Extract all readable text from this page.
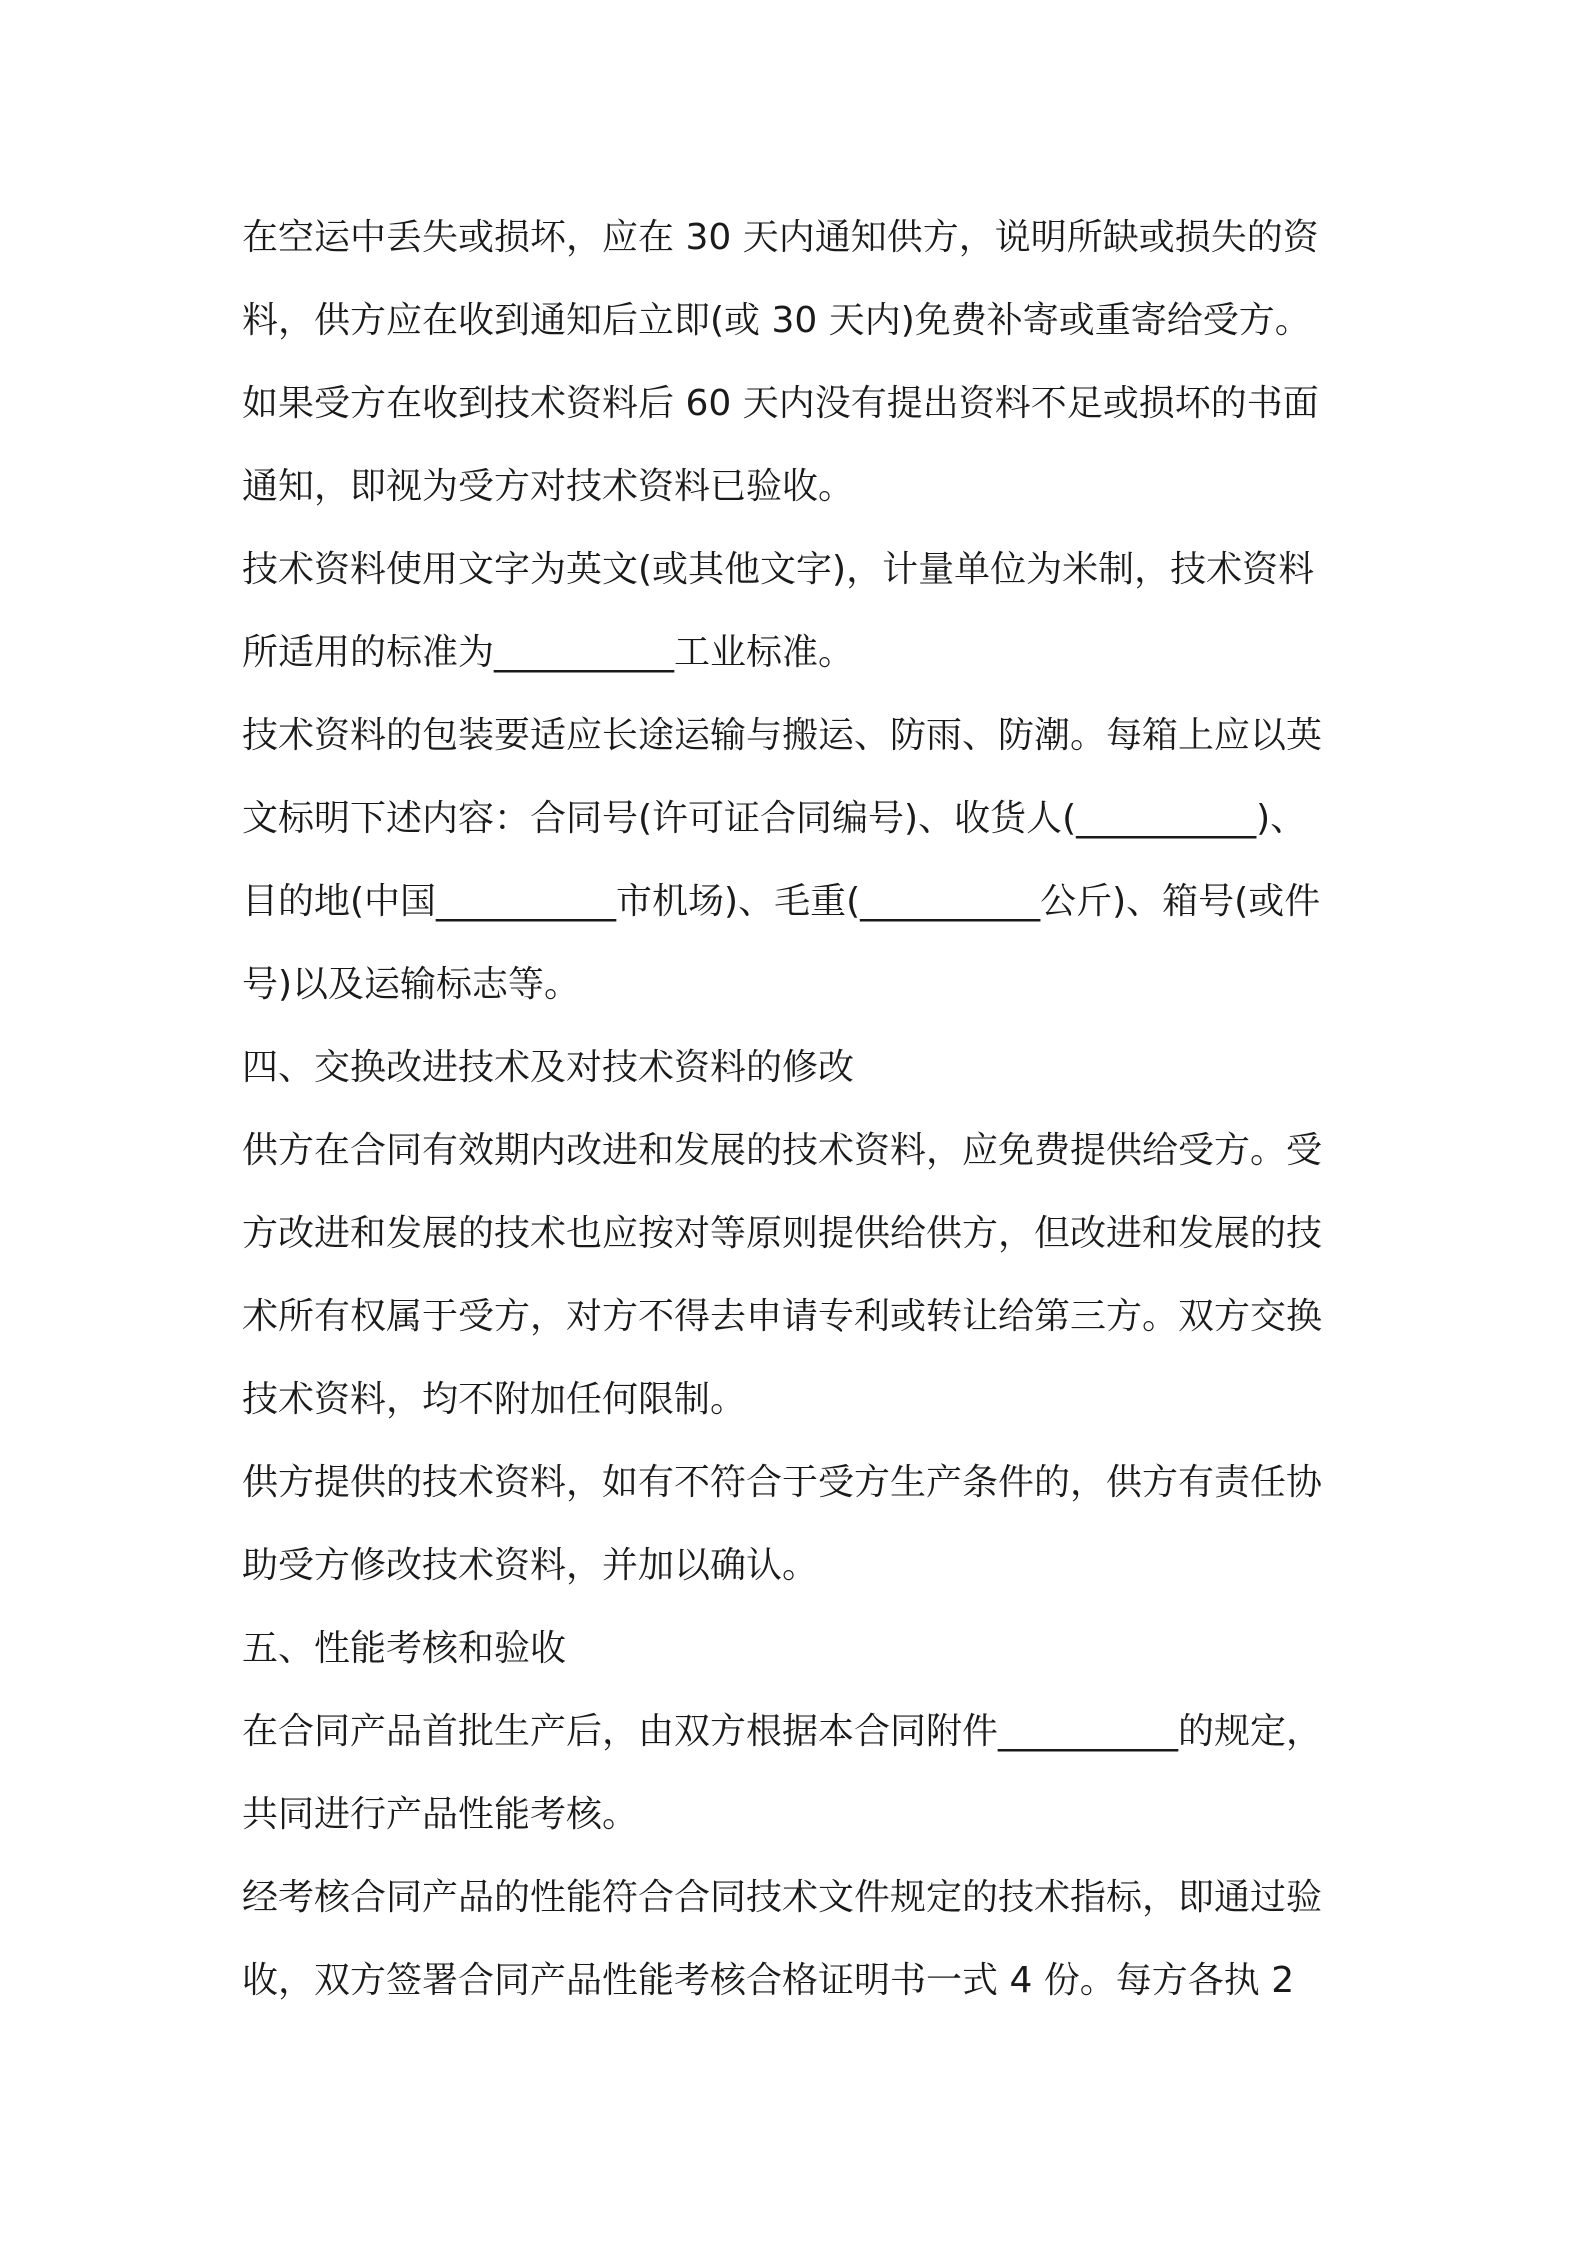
在空运中丢失或损坏，应在 30 天内通知供方，说明所缺或损失的资
料，供方应在收到通知后立即(或 30 天内)免费补寄或重寄给受方。
如果受方在收到技术资料后 60 天内没有提出资料不足或损坏的书面
通知，即视为受方对技术资料已验收。
技术资料使用文字为英文(或其他文字)，计量单位为米制，技术资料
所适用的标准为__________工业标准。
技术资料的包装要适应长途运输与搬运、防雨、防潮。每箱上应以英
文标明下述内容：合同号(许可证合同编号)、收货人(__________)、
目的地(中国__________市机场)、毛重(__________公斤)、箱号(或件
号)以及运输标志等。
四、交换改进技术及对技术资料的修改
供方在合同有效期内改进和发展的技术资料，应免费提供给受方。受
方改进和发展的技术也应按对等原则提供给供方，但改进和发展的技
术所有权属于受方，对方不得去申请专利或转让给第三方。双方交换
技术资料，均不附加任何限制。
供方提供的技术资料，如有不符合于受方生产条件的，供方有责任协
助受方修改技术资料，并加以确认。
五、性能考核和验收
在合同产品首批生产后，由双方根据本合同附件__________的规定，
共同进行产品性能考核。
经考核合同产品的性能符合合同技术文件规定的技术指标，即通过验
收，双方签署合同产品性能考核合格证明书一式 4 份。每方各执 2
